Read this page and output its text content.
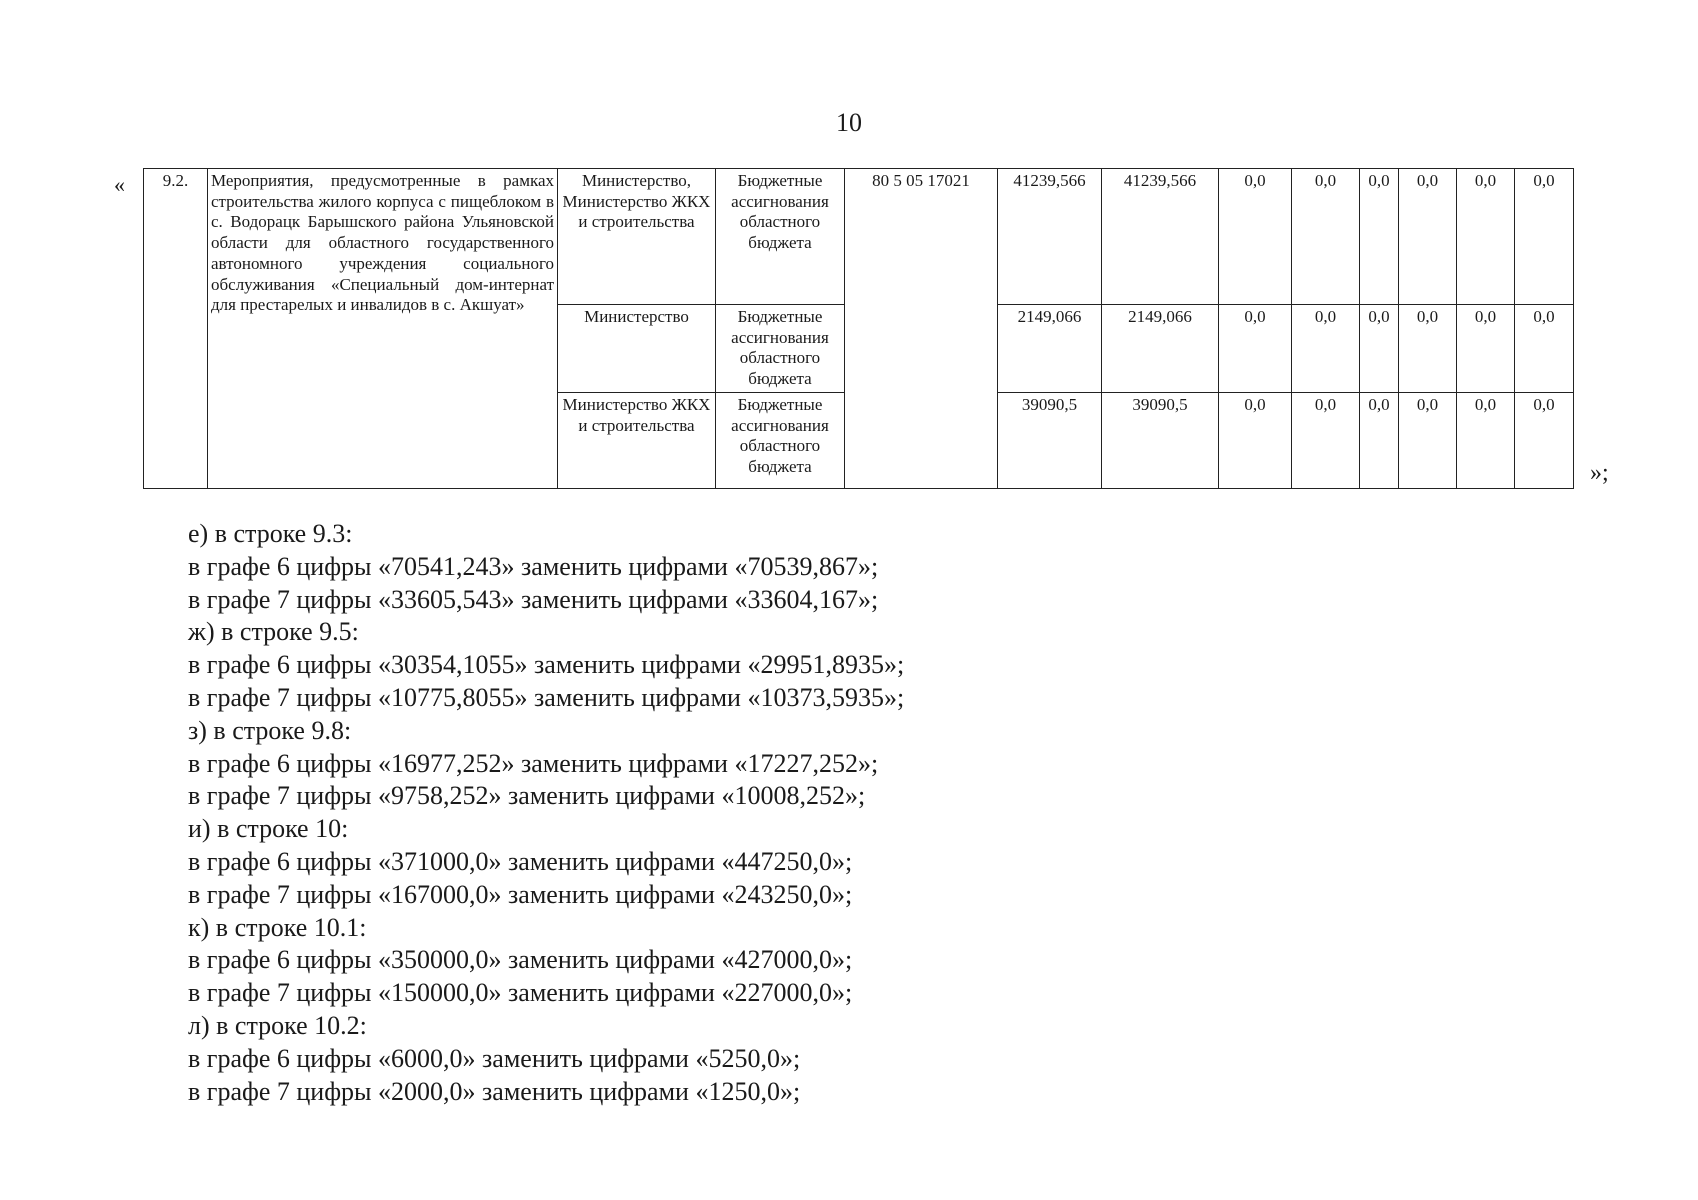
10
«
»;
9.2.	Мероприятия, предусмотренные в рамках строительства жилого корпуса с пищеблоком в с. Водорацк Барышского района Ульяновской области для областного государственного автономного учреждения социального обслуживания «Специальный дом-интернат для престарелых и инвалидов в с. Акшуат»	Министерство, Министерство ЖКХ и строительства	Бюджетные ассигнования областного бюджета	80 5 05 17021	41239,566	41239,566	0,0	0,0	0,0	0,0	0,0	0,0
		Министерство	Бюджетные ассигнования областного бюджета		2149,066	2149,066	0,0	0,0	0,0	0,0	0,0	0,0
		Министерство ЖКХ и строительства	Бюджетные ассигнования областного бюджета		39090,5	39090,5	0,0	0,0	0,0	0,0	0,0	0,0
е) в строке 9.3:
в графе 6 цифры «70541,243» заменить цифрами «70539,867»;
в графе 7 цифры «33605,543» заменить цифрами «33604,167»;
ж) в строке 9.5:
в графе 6 цифры «30354,1055» заменить цифрами «29951,8935»;
в графе 7 цифры «10775,8055» заменить цифрами «10373,5935»;
з) в строке 9.8:
в графе 6 цифры «16977,252» заменить цифрами «17227,252»;
в графе 7 цифры «9758,252» заменить цифрами «10008,252»;
и) в строке 10:
в графе 6 цифры «371000,0» заменить цифрами «447250,0»;
в графе 7 цифры «167000,0» заменить цифрами «243250,0»;
к) в строке 10.1:
в графе 6 цифры «350000,0» заменить цифрами «427000,0»;
в графе 7 цифры «150000,0» заменить цифрами «227000,0»;
л) в строке 10.2:
в графе 6 цифры «6000,0» заменить цифрами «5250,0»;
в графе 7 цифры «2000,0» заменить цифрами «1250,0»;
